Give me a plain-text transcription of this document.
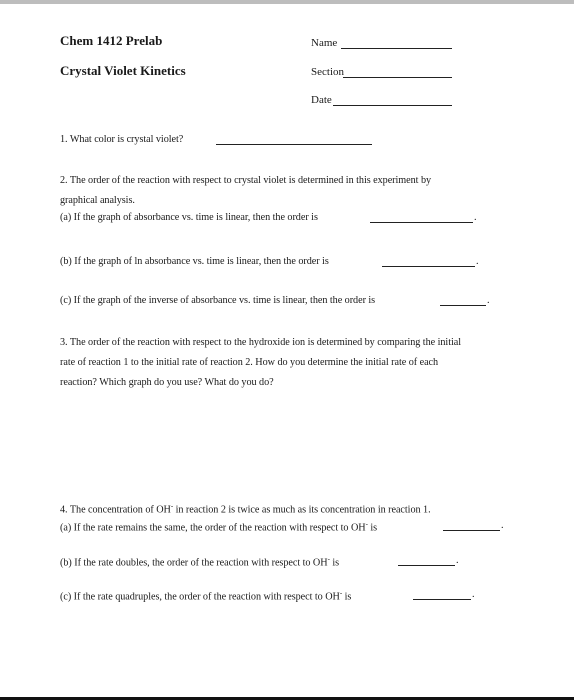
Chem 1412 Prelab
Crystal Violet Kinetics
Name
Section
Date
1. What color is crystal violet?
2. The order of the reaction with respect to crystal violet is determined in this experiment by
graphical analysis.
(a) If the graph of absorbance vs. time is linear, then the order is	.
(b) If the graph of ln absorbance vs. time is linear, then the order is	.
(c) If the graph of the inverse of absorbance vs. time is linear, then the order is	.
3. The order of the reaction with respect to the hydroxide ion is determined by comparing the initial
rate of reaction 1 to the initial rate of reaction 2. How do you determine the initial rate of each
reaction? Which graph do you use? What do you do?
4. The concentration of OH- in reaction 2 is twice as much as its concentration in reaction 1.
(a) If the rate remains the same, the order of the reaction with respect to OH- is	.
(b) If the rate doubles, the order of the reaction with respect to OH- is	.
(c) If the rate quadruples, the order of the reaction with respect to OH- is	.
